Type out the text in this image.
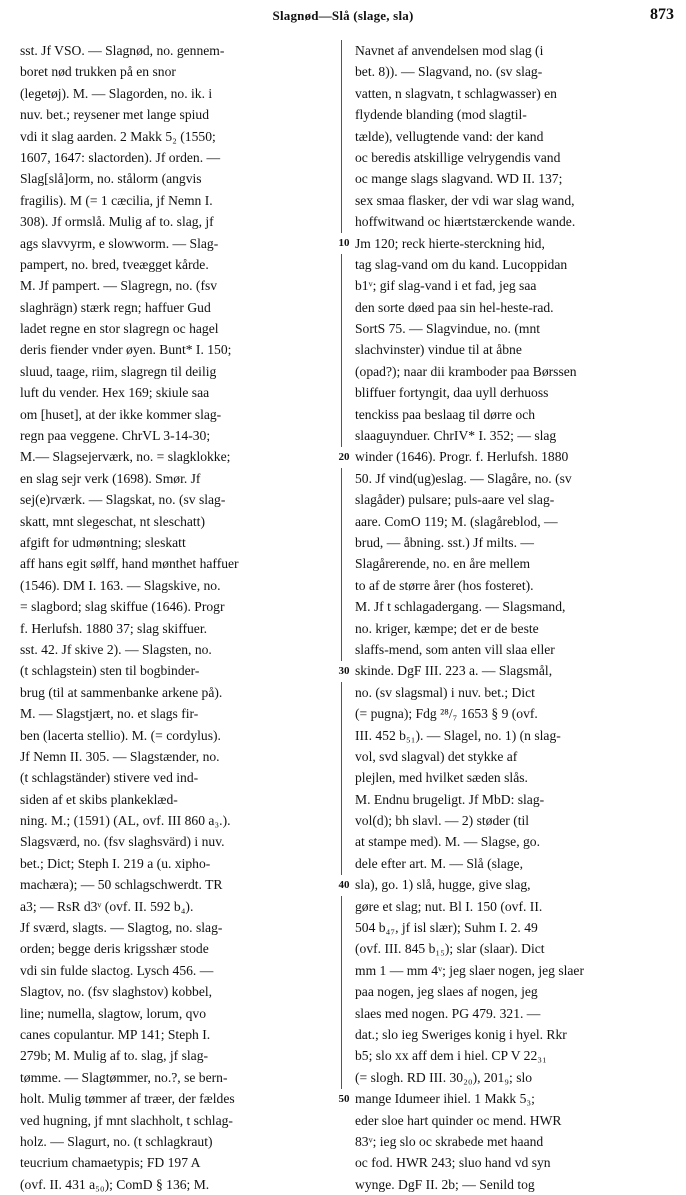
Slagnød—Slå (slage, sla)	873
sst. Jf VSO. — Slagnød, no. gennem-
boret nød trukken på en snor
(legetøj). M. — Slagorden, no. ik. i
nuv. bet.; reysener met lange spiud
vdi it slag aarden. 2 Makk 5₂ (1550;
1607, 1647: slactorden). Jf orden. —
Slag[slå]orm, no. stålorm (angvis
fragilis). M (= 1 cæcilia, jf Nemn I.
308). Jf ormslå. Mulig af to. slag, jf
ags slavvyrm, e slowworm. — Slag-
pampert, no. bred, tveægget kårde.
M. Jf pampert. — Slagregn, no. (fsv
slaghrägn) stærk regn; haffuer Gud
ladet regne en stor slagregn oc hagel
deris fiender vnder øyen. Bunt* I. 150;
sluud, taage, riim, slagregn til deilig
luft du vender. Hex 169; skiule saa
om [huset], at der ikke kommer slag-
regn paa veggene. ChrVL 3-14-30;
M.— Slagsejerværk, no. = slagklokke;
en slag sejr verk (1698). Smør. Jf
sej(e)rværk. — Slagskat, no. (sv slag-
skatt, mnt slegeschat, nt sleschatt)
afgift for udmøntning; sleskatt
aff hans egit sølff, hand mønthet haffuer
(1546). DM I. 163. — Slagskive, no.
= slagbord; slag skiffue (1646). Progr
f. Herlufsh. 1880 37; slag skiffuer.
sst. 42. Jf skive 2). — Slagsten, no.
(t schlagstein) sten til bogbinder-
brug (til at sammenbanke arkene på).
M. — Slagstjært, no. et slags fir-
ben (lacerta stellio). M. (= cordylus).
Jf Nemn II. 305. — Slagstænder, no.
(t schlagständer) stivere ved ind-
siden af et skibs plankeklæd-
ning. M.; (1591) (AL, ovf. III 860 a₃.).
Slagsværd, no. (fsv slaghsvärd) i nuv.
bet.; Dict; Steph I. 219 a (u. xipho-
machæra); — 50 schlagschwerdt. TR
a3; — RsR d3ᵛ (ovf. II. 592 b₄).
Jf sværd, slagts. — Slagtog, no. slag-
orden; begge deris krigsshær stode
vdi sin fulde slactog. Lysch 456. —
Slagtov, no. (fsv slaghstov) kobbel,
line; numella, slagtow, lorum, qvo
canes copulantur. MP 141; Steph I.
279b; M. Mulig af to. slag, jf slag-
tømme. — Slagtømmer, no.?, se bern-
holt. Mulig tømmer af træer, der fældes
ved hugning, jf mnt slachholt, t schlag-
holz. — Slagurt, no. (t schlagkraut)
teucrium chamaetypis; FD 197 A
(ovf. II. 431 a₅₀); ComD § 136; M.
10
20
30
40
50
Navnet af anvendelsen mod slag (i
bet. 8)). — Slagvand, no. (sv slag-
vatten, n slagvatn, t schlagwasser) en
flydende blanding (mod slagtil-
tælde), vellugtende vand: der kand
oc beredis atskillige velrygendis vand
oc mange slags slagvand. WD II. 137;
sex smaa flasker, der vdi war slag wand,
hoffwitwand oc hiærtstærckende wande.
Jm 120; reck hierte-sterckning hid,
tag slag-vand om du kand. Lucoppidan
b1ᵛ; gif slag-vand i et fad, jeg saa
den sorte døed paa sin hel-heste-rad.
SortS 75. — Slagvindue, no. (mnt
slachvinster) vindue til at åbne
(opad?); naar dii kramboder paa Børssen
bliffuer fortyngit, daa uyll derhuoss
tenckiss paa beslaag til dørre och
slaaguynduer. ChrIV* I. 352; — slag
winder (1646). Progr. f. Herlufsh. 1880
50. Jf vind(ug)eslag. — Slagåre, no. (sv
slagåder) pulsare; puls-aare vel slag-
aare. ComO 119; M. (slagåreblod, —
brud, — åbning. sst.) Jf milts. —
Slagårerende, no. en åre mellem
to af de større årer (hos fosteret).
M. Jf t schlagadergang. — Slagsmand,
no. kriger, kæmpe; det er de beste
slaffs-mend, som anten vill slaa eller
skinde. DgF III. 223 a. — Slagsmål,
no. (sv slagsmal) i nuv. bet.; Dict
(= pugna); Fdg ²⁸/₇ 1653 § 9 (ovf.
III. 452 b₅₁). — Slagel, no. 1) (n slag-
vol, svd slagval) det stykke af
plejlen, med hvilket sæden slås.
M. Endnu brugeligt. Jf MbD: slag-
vol(d); bh slavl. — 2) støder (til
at stampe med). M. — Slagse, go.
dele efter art. M. — Slå (slage,
sla), go. 1) slå, hugge, give slag,
gøre et slag; nut. Bl I. 150 (ovf. II.
504 b₄₇, jf isl slær); Suhm I. 2. 49
(ovf. III. 845 b₁₅); slar (slaar). Dict
mm 1 — mm 4ᵛ; jeg slaer nogen, jeg slaer
paa nogen, jeg slaes af nogen, jeg
slaes med nogen. PG 479. 321. —
dat.; slo ieg Sweriges konig i hyel. Rkr
b5; slo xx aff dem i hiel. CP V 22₃₁
(= slogh. RD III. 30₂₀), 201₉; slo
mange Idumeer ihiel. 1 Makk 5₃;
eder sloe hart quinder oc mend. HWR
83ᵛ; ieg slo oc skrabede met haand
oc fod. HWR 243; sluo hand vd syn
wynge. DgF II. 2b; — Senild tog
